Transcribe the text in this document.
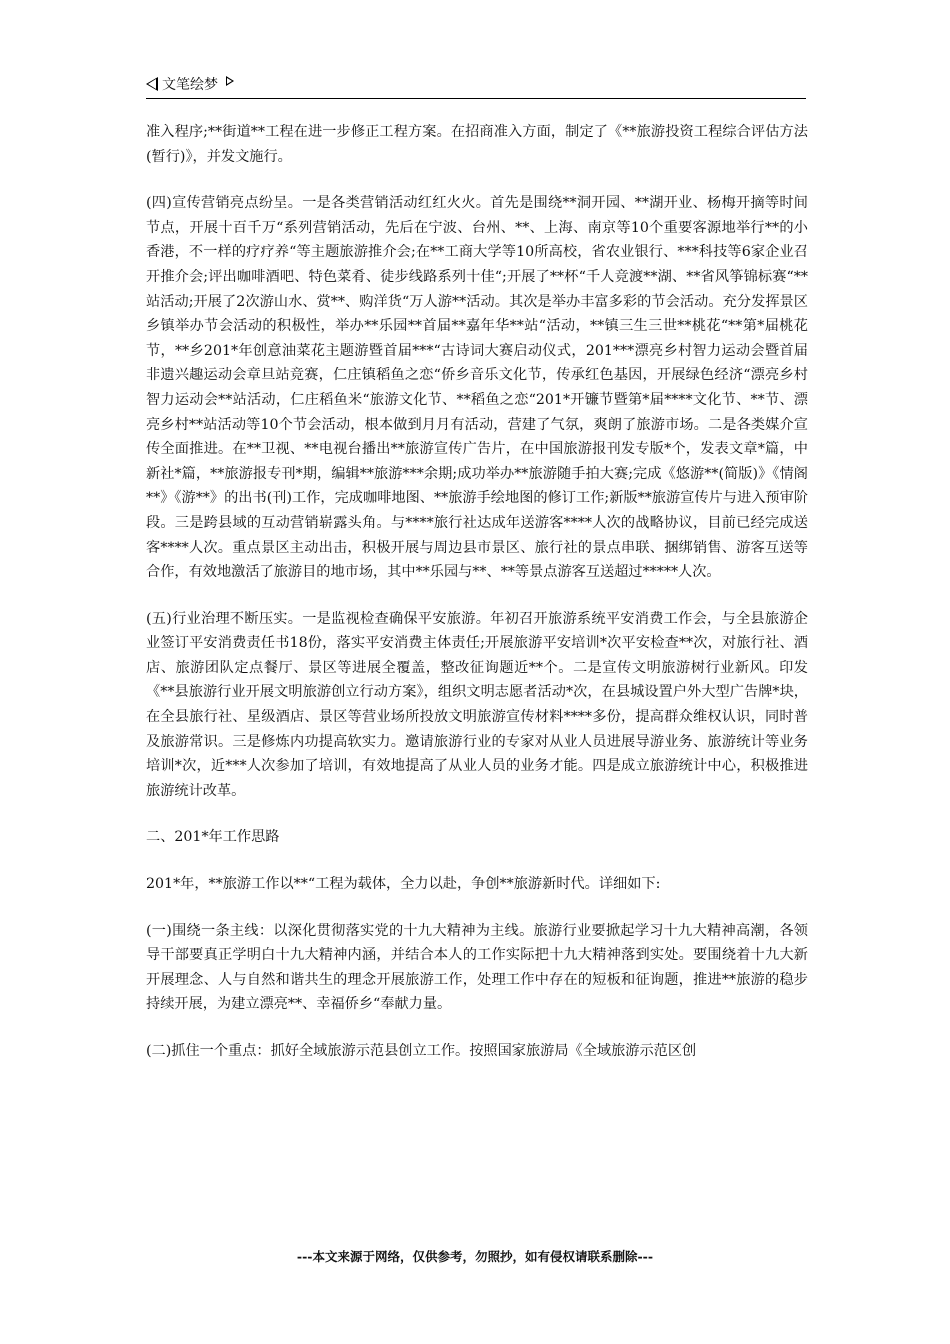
文笔绘梦

准入程序;**街道**工程在进一步修正工程方案。在招商准入方面，制定了《**旅游投资工程综合评估方法(暂行)》，并发文施行。

(四)宣传营销亮点纷呈。一是各类营销活动红红火火。首先是围绕**洞开园、**湖开业、杨梅开摘等时间节点，开展十百千万“系列营销活动，先后在宁波、台州、**、上海、南京等10个重要客源地举行**的小香港，不一样的疗疗养“等主题旅游推介会;在**工商大学等10所高校，省农业银行、***科技等6家企业召开推介会;评出咖啡酒吧、特色菜肴、徒步线路系列十佳“;开展了**杯“千人竞渡**湖、**省风筝锦标赛“**站活动;开展了2次游山水、赏**、购洋货“万人游**活动。其次是举办丰富多彩的节会活动。充分发挥景区乡镇举办节会活动的积极性，举办**乐园**首届**嘉年华**站“活动，**镇三生三世**桃花“**第*届桃花节，**乡201*年创意油菜花主题游暨首届***“古诗词大赛启动仪式，201***漂亮乡村智力运动会暨首届非遗兴趣运动会章旦站竞赛，仁庄镇稻鱼之恋“侨乡音乐文化节，传承红色基因，开展绿色经济“漂亮乡村智力运动会**站活动，仁庄稻鱼米“旅游文化节、**稻鱼之恋“201*开镰节暨第*届****文化节、**节、漂亮乡村**站活动等10个节会活动，根本做到月月有活动，营建了气氛，爽朗了旅游市场。二是各类媒介宣传全面推进。在**卫视、**电视台播出**旅游宣传广告片，在中国旅游报刊发专版*个，发表文章*篇，中新社*篇，**旅游报专刊*期，编辑**旅游***余期;成功举办**旅游随手拍大赛;完成《悠游**(简版)》《情阁**》《游**》的出书(刊)工作，完成咖啡地图、**旅游手绘地图的修订工作;新版**旅游宣传片与进入预审阶段。三是跨县域的互动营销崭露头角。与****旅行社达成年送游客****人次的战略协议，目前已经完成送客****人次。重点景区主动出击，积极开展与周边县市景区、旅行社的景点串联、捆绑销售、游客互送等合作，有效地激活了旅游目的地市场，其中**乐园与**、**等景点游客互送超过*****人次。

(五)行业治理不断压实。一是监视检查确保平安旅游。年初召开旅游系统平安消费工作会，与全县旅游企业签订平安消费责任书18份，落实平安消费主体责任;开展旅游平安培训*次平安检查**次，对旅行社、酒店、旅游团队定点餐厅、景区等进展全覆盖，整改征询题近**个。二是宣传文明旅游树行业新风。印发《**县旅游行业开展文明旅游创立行动方案》，组织文明志愿者活动*次，在县城设置户外大型广告牌*块，在全县旅行社、星级酒店、景区等营业场所投放文明旅游宣传材料****多份，提高群众维权认识，同时普及旅游常识。三是修炼内功提高软实力。邀请旅游行业的专家对从业人员进展导游业务、旅游统计等业务培训*次，近***人次参加了培训，有效地提高了从业人员的业务才能。四是成立旅游统计中心，积极推进旅游统计改革。

二、201*年工作思路

201*年，**旅游工作以**“工程为载体，全力以赴，争创**旅游新时代。详细如下:

(一)围绕一条主线：以深化贯彻落实党的十九大精神为主线。旅游行业要掀起学习十九大精神高潮，各领导干部要真正学明白十九大精神内涵，并结合本人的工作实际把十九大精神落到实处。要围绕着十九大新开展理念、人与自然和谐共生的理念开展旅游工作，处理工作中存在的短板和征询题，推进**旅游的稳步持续开展，为建立漂亮**、幸福侨乡“奉献力量。

(二)抓住一个重点：抓好全域旅游示范县创立工作。按照国家旅游局《全域旅游示范区创

---本文来源于网络，仅供参考，勿照抄，如有侵权请联系删除---
